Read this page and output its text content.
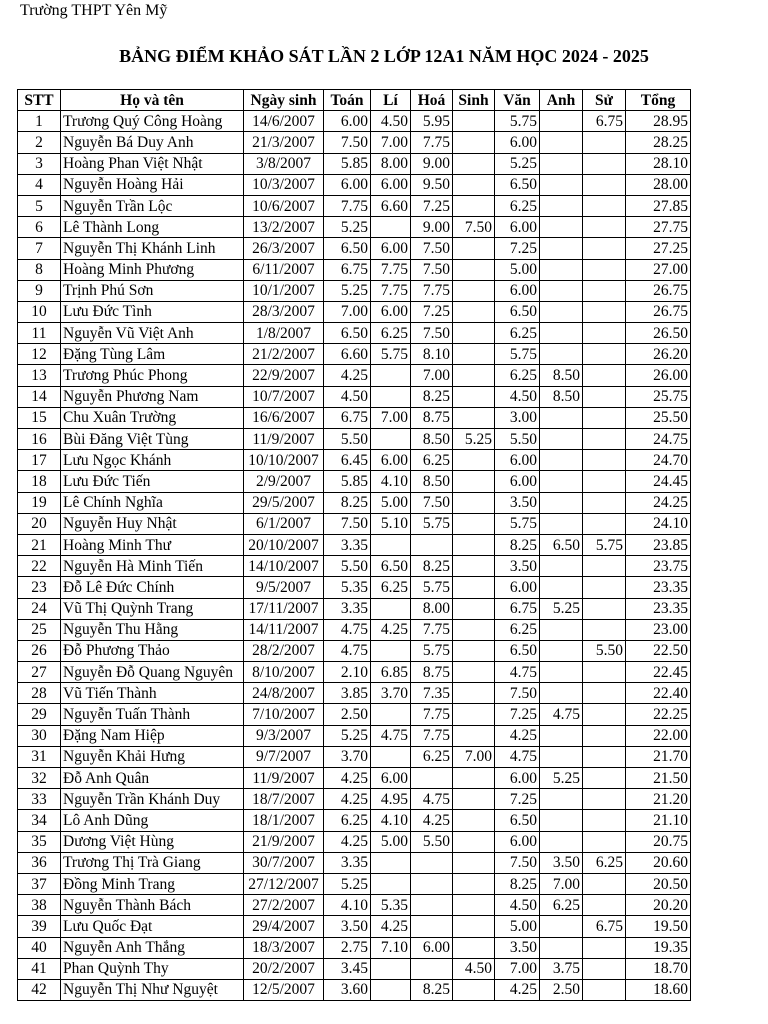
Trường THPT Yên Mỹ
BẢNG ĐIỂM KHẢO SÁT LẦN 2 LỚP 12A1 NĂM HỌC 2024 - 2025
STT	Họ và tên	Ngày sinh	Toán	Lí	Hoá	Sinh	Văn	Anh	Sử	Tổng
1	Trương Quý Công Hoàng	14/6/2007	6.00	4.50	5.95		5.75		6.75	28.95
2	Nguyễn Bá Duy Anh	21/3/2007	7.50	7.00	7.75		6.00			28.25
3	Hoàng Phan Việt Nhật	3/8/2007	5.85	8.00	9.00		5.25			28.10
4	Nguyễn Hoàng Hải	10/3/2007	6.00	6.00	9.50		6.50			28.00
5	Nguyễn Trần Lộc	10/6/2007	7.75	6.60	7.25		6.25			27.85
6	Lê Thành Long	13/2/2007	5.25		9.00	7.50	6.00			27.75
7	Nguyễn Thị Khánh Linh	26/3/2007	6.50	6.00	7.50		7.25			27.25
8	Hoàng Minh Phương	6/11/2007	6.75	7.75	7.50		5.00			27.00
9	Trịnh Phú Sơn	10/1/2007	5.25	7.75	7.75		6.00			26.75
10	Lưu Đức Tình	28/3/2007	7.00	6.00	7.25		6.50			26.75
11	Nguyễn Vũ Việt Anh	1/8/2007	6.50	6.25	7.50		6.25			26.50
12	Đặng Tùng Lâm	21/2/2007	6.60	5.75	8.10		5.75			26.20
13	Trương Phúc Phong	22/9/2007	4.25		7.00		6.25	8.50		26.00
14	Nguyễn Phương Nam	10/7/2007	4.50		8.25		4.50	8.50		25.75
15	Chu Xuân Trường	16/6/2007	6.75	7.00	8.75		3.00			25.50
16	Bùi Đăng Việt Tùng	11/9/2007	5.50		8.50	5.25	5.50			24.75
17	Lưu Ngọc Khánh	10/10/2007	6.45	6.00	6.25		6.00			24.70
18	Lưu Đức Tiến	2/9/2007	5.85	4.10	8.50		6.00			24.45
19	Lê Chính Nghĩa	29/5/2007	8.25	5.00	7.50		3.50			24.25
20	Nguyễn Huy Nhật	6/1/2007	7.50	5.10	5.75		5.75			24.10
21	Hoàng Minh Thư	20/10/2007	3.35				8.25	6.50	5.75	23.85
22	Nguyễn Hà Minh Tiến	14/10/2007	5.50	6.50	8.25		3.50			23.75
23	Đỗ Lê Đức Chính	9/5/2007	5.35	6.25	5.75		6.00			23.35
24	Vũ Thị Quỳnh Trang	17/11/2007	3.35		8.00		6.75	5.25		23.35
25	Nguyễn Thu Hằng	14/11/2007	4.75	4.25	7.75		6.25			23.00
26	Đỗ Phương Thảo	28/2/2007	4.75		5.75		6.50		5.50	22.50
27	Nguyễn Đỗ Quang Nguyên	8/10/2007	2.10	6.85	8.75		4.75			22.45
28	Vũ Tiến Thành	24/8/2007	3.85	3.70	7.35		7.50			22.40
29	Nguyễn Tuấn Thành	7/10/2007	2.50		7.75		7.25	4.75		22.25
30	Đặng Nam Hiệp	9/3/2007	5.25	4.75	7.75		4.25			22.00
31	Nguyễn Khải Hưng	9/7/2007	3.70		6.25	7.00	4.75			21.70
32	Đỗ Anh Quân	11/9/2007	4.25	6.00			6.00	5.25		21.50
33	Nguyễn Trần Khánh Duy	18/7/2007	4.25	4.95	4.75		7.25			21.20
34	Lô Anh Dũng	18/1/2007	6.25	4.10	4.25		6.50			21.10
35	Dương Việt Hùng	21/9/2007	4.25	5.00	5.50		6.00			20.75
36	Trương Thị Trà Giang	30/7/2007	3.35				7.50	3.50	6.25	20.60
37	Đồng Minh Trang	27/12/2007	5.25				8.25	7.00		20.50
38	Nguyễn Thành Bách	27/2/2007	4.10	5.35			4.50	6.25		20.20
39	Lưu Quốc Đạt	29/4/2007	3.50	4.25			5.00		6.75	19.50
40	Nguyễn Anh Thắng	18/3/2007	2.75	7.10	6.00		3.50			19.35
41	Phan Quỳnh Thy	20/2/2007	3.45			4.50	7.00	3.75		18.70
42	Nguyễn Thị Như Nguyệt	12/5/2007	3.60		8.25		4.25	2.50		18.60
